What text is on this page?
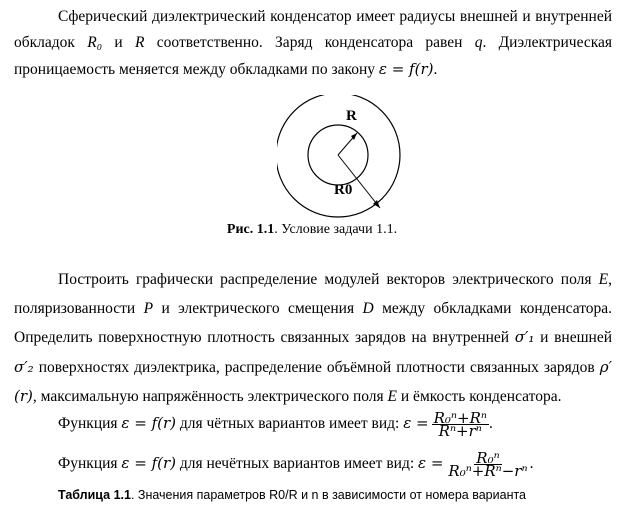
Сферический диэлектрический конденсатор имеет радиусы внешней и внутренней обкладок R₀ и R соответственно. Заряд конденсатора равен q. Диэлектрическая проницаемость меняется между обкладками по закону ε = f(r).
R
R0
Рис. 1.1. Условие задачи 1.1.
Построить графически распределение модулей векторов электрического поля E, поляризованности P и электрического смещения D между обкладками конденсатора. Определить поверхностную плотность связанных зарядов на внутренней σ′₁ и внешней σ′₂ поверхностях диэлектрика, распределение объёмной плотности связанных зарядов ρ′(r), максимальную напряжённость электрического поля E и ёмкость конденсатора.
Функция ε = f(r) для чётных вариантов имеет вид: $\varepsilon = \frac{\text{R₀ⁿ+Rⁿ}}{\text{Rⁿ+rⁿ}}$ .
Функция ε = f(r) для нечётных вариантов имеет вид: $\varepsilon = \frac{\text{R₀ⁿ}}{\text{R₀ⁿ+Rⁿ−rⁿ}}$ .
Таблица 1.1. Значения параметров R0/R и n в зависимости от номера варианта
